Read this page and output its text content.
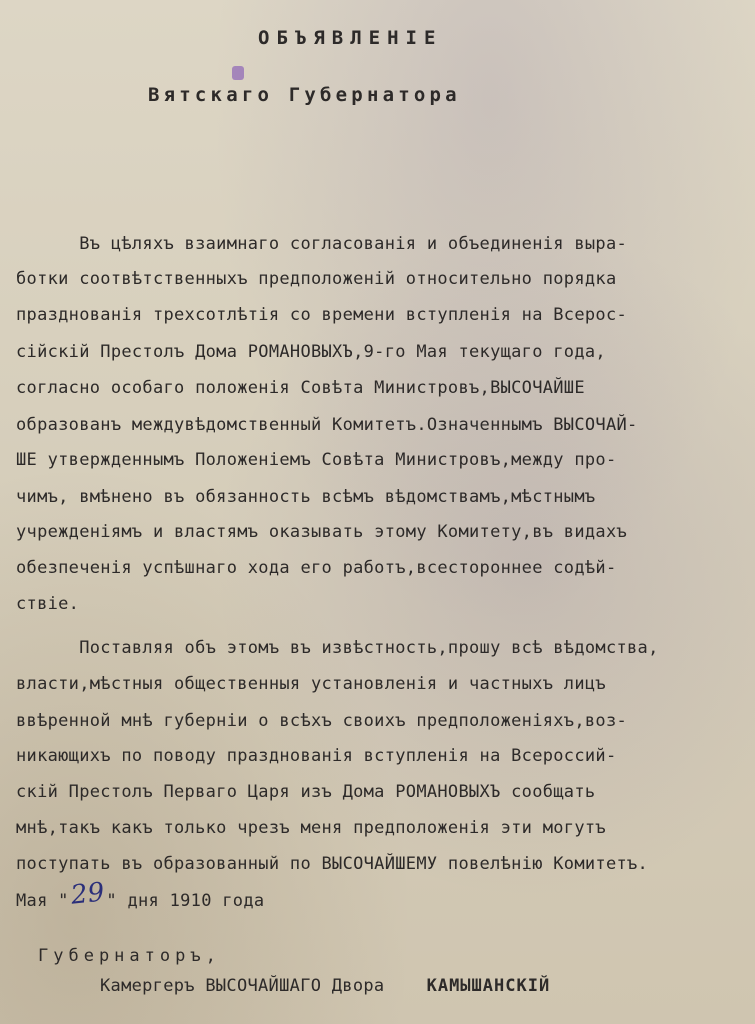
ОБЪЯВЛЕНІЕ
Вятскаго Губернатора
Въ цѣляхъ взаимнаго согласованія и объединенія выра-
ботки соотвѣтственныхъ предположеній относительно порядка
празднованія трехсотлѣтія со времени вступленія на Всерос-
сійскій Престолъ Дома РОМАНОВЫХЪ,9-го Мая текущаго года,
согласно особаго положенія Совѣта Министровъ,ВЫСОЧАЙШЕ
образованъ междувѣдомственный Комитетъ.Означеннымъ ВЫСОЧАЙ-
ШЕ утвержденнымъ Положеніемъ Совѣта Министровъ,между про-
чимъ, вмѣнено въ обязанность всѣмъ вѣдомствамъ,мѣстнымъ
учрежденіямъ и властямъ оказывать этому Комитету,въ видахъ
обезпеченія успѣшнаго хода его работъ,всестороннее содѣй-
ствіе.
Поставляя объ этомъ въ извѣстность,прошу всѣ вѣдомства,
власти,мѣстныя общественныя установленія и частныхъ лицъ
ввѣренной мнѣ губерніи о всѣхъ своихъ предположеніяхъ,воз-
никающихъ по поводу празднованія вступленія на Всероссий-
скій Престолъ Перваго Царя изъ Дома РОМАНОВЫХЪ сообщать
мнѣ,такъ какъ только чрезъ меня предположенія эти могутъ
поступать въ образованный по ВЫСОЧАЙШЕМУ повелѣнію Комитетъ.
Мая "29" дня 1910 года
Губернаторъ,
Камергеръ ВЫСОЧАЙШАГО Двора КАМЫШАНСКІЙ
